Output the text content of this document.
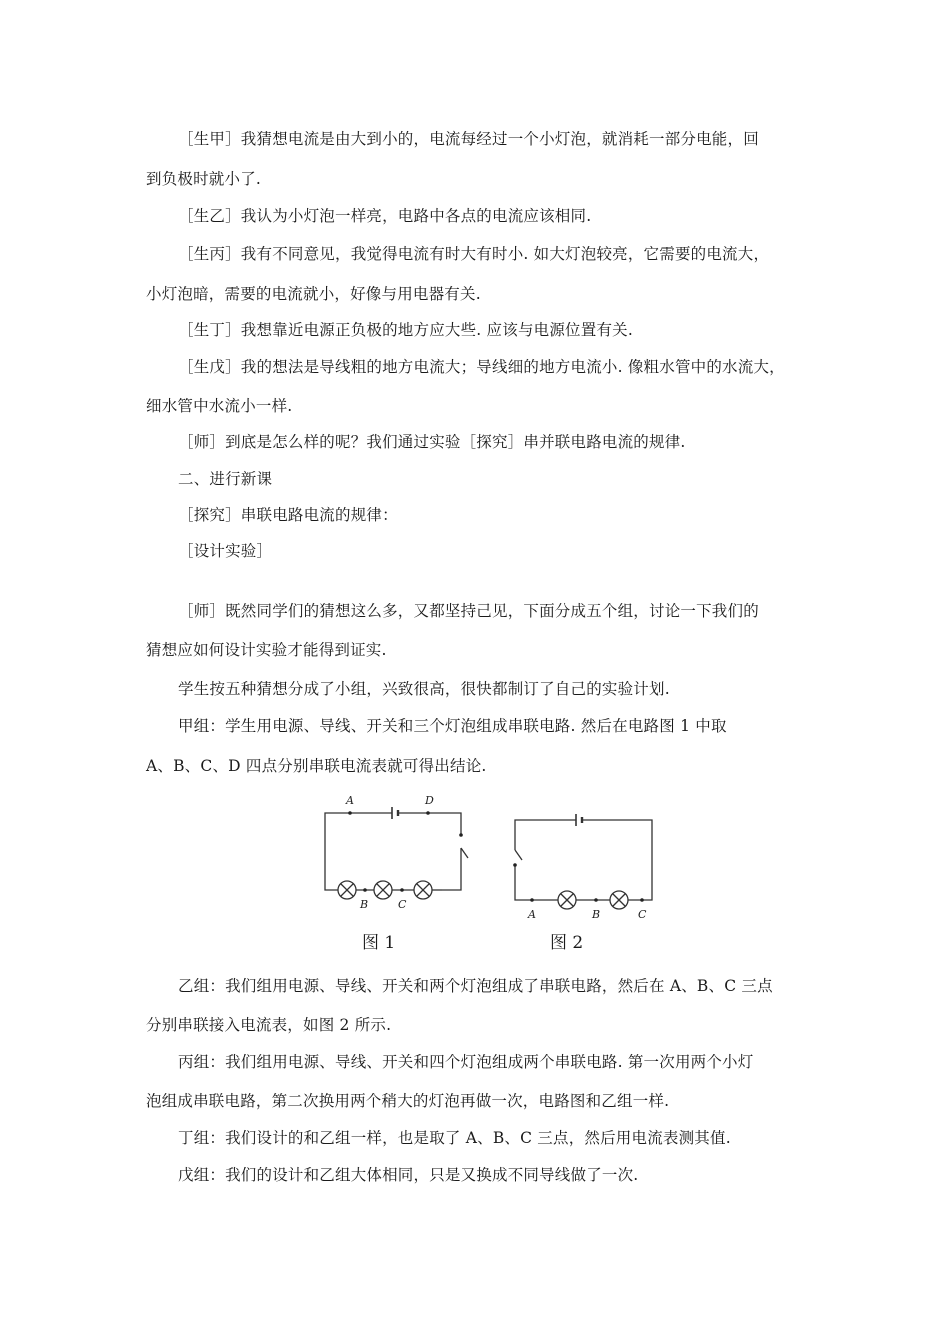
［生甲］我猜想电流是由大到小的，电流每经过一个小灯泡，就消耗一部分电能，回
到负极时就小了.
［生乙］我认为小灯泡一样亮，电路中各点的电流应该相同.
［生丙］我有不同意见，我觉得电流有时大有时小. 如大灯泡较亮，它需要的电流大，
小灯泡暗，需要的电流就小，好像与用电器有关.
［生丁］我想靠近电源正负极的地方应大些. 应该与电源位置有关.
［生戊］我的想法是导线粗的地方电流大；导线细的地方电流小. 像粗水管中的水流大，
细水管中水流小一样.
［师］到底是怎么样的呢？我们通过实验［探究］串并联电路电流的规律.
二、进行新课
［探究］串联电路电流的规律：
［设计实验］
［师］既然同学们的猜想这么多，又都坚持己见，下面分成五个组，讨论一下我们的
猜想应如何设计实验才能得到证实.
学生按五种猜想分成了小组，兴致很高，很快都制订了自己的实验计划.
甲组：学生用电源、导线、开关和三个灯泡组成串联电路. 然后在电路图 1 中取
A、B、C、D 四点分别串联电流表就可得出结论.
A	D
B	C
A	B	C
图 1	图 2
乙组：我们组用电源、导线、开关和两个灯泡组成了串联电路，然后在 A、B、C 三点
分别串联接入电流表，如图 2 所示.
丙组：我们组用电源、导线、开关和四个灯泡组成两个串联电路. 第一次用两个小灯
泡组成串联电路，第二次换用两个稍大的灯泡再做一次，电路图和乙组一样.
丁组：我们设计的和乙组一样，也是取了 A、B、C 三点，然后用电流表测其值.
戊组：我们的设计和乙组大体相同，只是又换成不同导线做了一次.
